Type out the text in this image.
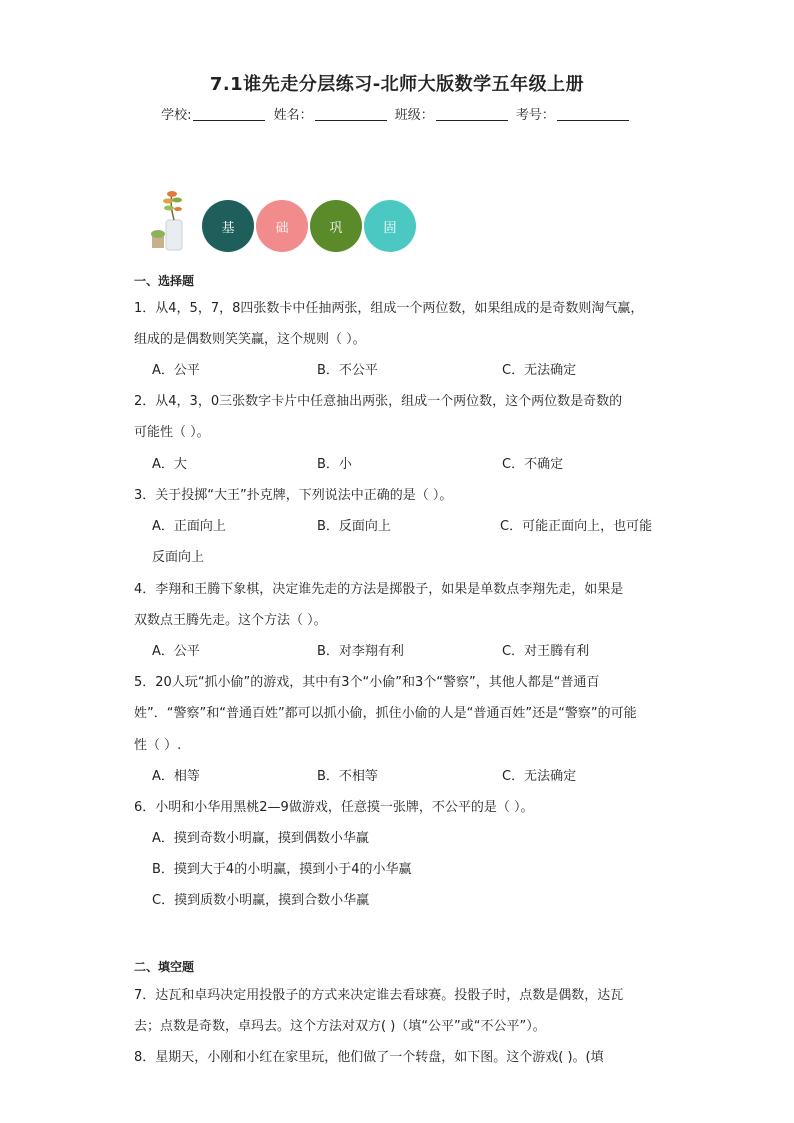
7.1谁先走分层练习-北师大版数学五年级上册
学校:	姓名：	班级：	考号：
基	础	巩	固
一、选择题
1．从4，5，7，8四张数卡中任抽两张，组成一个两位数，如果组成的是奇数则淘气赢，
组成的是偶数则笑笑赢，这个规则（ ）。
A．公平	B．不公平	C．无法确定
2．从4，3，0三张数字卡片中任意抽出两张，组成一个两位数，这个两位数是奇数的
可能性（ ）。
A．大	B．小	C．不确定
3．关于投掷“大王”扑克牌，下列说法中正确的是（ ）。
A．正面向上	B．反面向上	C．可能正面向上，也可能
反面向上
4．李翔和王腾下象棋，决定谁先走的方法是掷骰子，如果是单数点李翔先走，如果是
双数点王腾先走。这个方法（ ）。
A．公平	B．对李翔有利	C．对王腾有利
5．20人玩“抓小偷”的游戏，其中有3个“小偷”和3个“警察”，其他人都是“普通百
姓”．“警察”和“普通百姓”都可以抓小偷，抓住小偷的人是“普通百姓”还是“警察”的可能
性（ ）.
A．相等	B．不相等	C．无法确定
6．小明和小华用黑桃2—9做游戏，任意摸一张牌，不公平的是（ ）。
A．摸到奇数小明赢，摸到偶数小华赢
B．摸到大于4的小明赢，摸到小于4的小华赢
C．摸到质数小明赢，摸到合数小华赢
二、填空题
7．达瓦和卓玛决定用投骰子的方式来决定谁去看球赛。投骰子时，点数是偶数，达瓦
去；点数是奇数，卓玛去。这个方法对双方( )（填“公平”或“不公平”）。
8．星期天，小刚和小红在家里玩，他们做了一个转盘，如下图。这个游戏( )。(填
